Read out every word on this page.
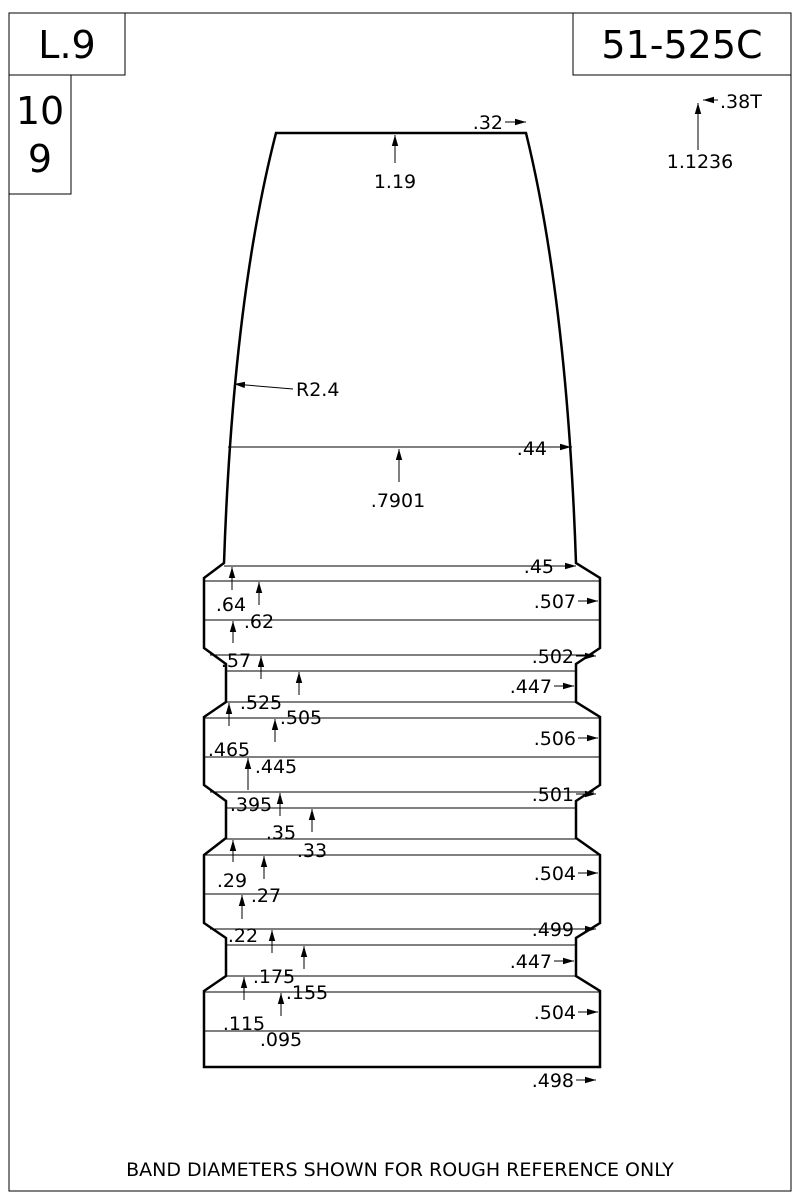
L.9	51-525C
10
9
.38T
1.1236
.32
1.19
R2.4
.44
.7901
.45
.507
.502
.447
.506
.501
.504
.499
.447
.504
.498
.64
.62
.57
.525
.505
.465
.445
.395
.35
.33
.29
.27
.22
.175
.155
.115
.095
BAND DIAMETERS SHOWN FOR ROUGH REFERENCE ONLY
